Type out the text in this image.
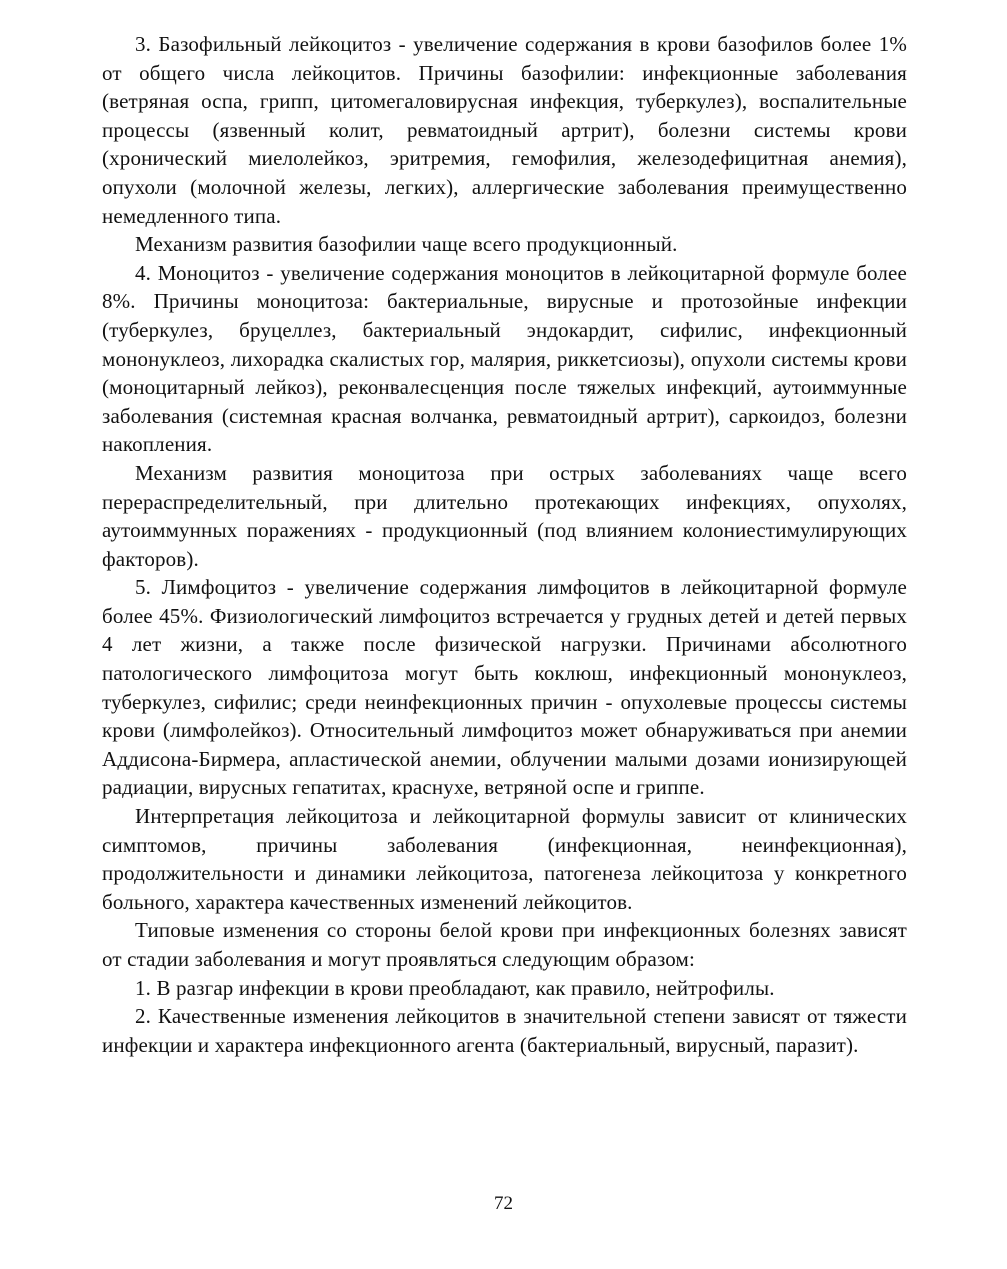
3. Базофильный лейкоцитоз - увеличение содержания в крови базофилов более 1% от общего числа лейкоцитов. Причины базофилии: инфекционные заболевания (ветряная оспа, грипп, цитомегаловирусная инфекция, туберкулез), воспалительные процессы (язвенный колит, ревматоидный артрит), болезни системы крови (хронический миелолейкоз, эритремия, гемофилия, железодефицитная анемия), опухоли (молочной железы, легких), аллергические заболевания преимущественно немедленного типа.

Механизм развития базофилии чаще всего продукционный.

4. Моноцитоз - увеличение содержания моноцитов в лейкоцитарной формуле более 8%. Причины моноцитоза: бактериальные, вирусные и протозойные инфекции (туберкулез, бруцеллез, бактериальный эндокардит, сифилис, инфекционный мононуклеоз, лихорадка скалистых гор, малярия, риккетсиозы), опухоли системы крови (моноцитарный лейкоз), реконвалесценция после тяжелых инфекций, аутоиммунные заболевания (системная красная волчанка, ревматоидный артрит), саркоидоз, болезни накопления.

Механизм развития моноцитоза при острых заболеваниях чаще всего перераспределительный, при длительно протекающих инфекциях, опухолях, аутоиммунных поражениях - продукционный (под влиянием колониестимулирующих факторов).

5. Лимфоцитоз - увеличение содержания лимфоцитов в лейкоцитарной формуле более 45%. Физиологический лимфоцитоз встречается у грудных детей и детей первых 4 лет жизни, а также после физической нагрузки. Причинами абсолютного патологического лимфоцитоза могут быть коклюш, инфекционный мононуклеоз, туберкулез, сифилис; среди неинфекционных причин - опухолевые процессы системы крови (лимфолейкоз). Относительный лимфоцитоз может обнаруживаться при анемии Аддисона-Бирмера, апластической анемии, облучении малыми дозами ионизирующей радиации, вирусных гепатитах, краснухе, ветряной оспе и гриппе.

Интерпретация лейкоцитоза и лейкоцитарной формулы зависит от клинических симптомов, причины заболевания (инфекционная, неинфекционная), продолжительности и динамики лейкоцитоза, патогенеза лейкоцитоза у конкретного больного, характера качественных изменений лейкоцитов.

Типовые изменения со стороны белой крови при инфекционных болезнях зависят от стадии заболевания и могут проявляться следующим образом:

1. В разгар инфекции в крови преобладают, как правило, нейтрофилы.

2. Качественные изменения лейкоцитов в значительной степени зависят от тяжести инфекции и характера инфекционного агента (бактериальный, вирусный, паразит).

72
